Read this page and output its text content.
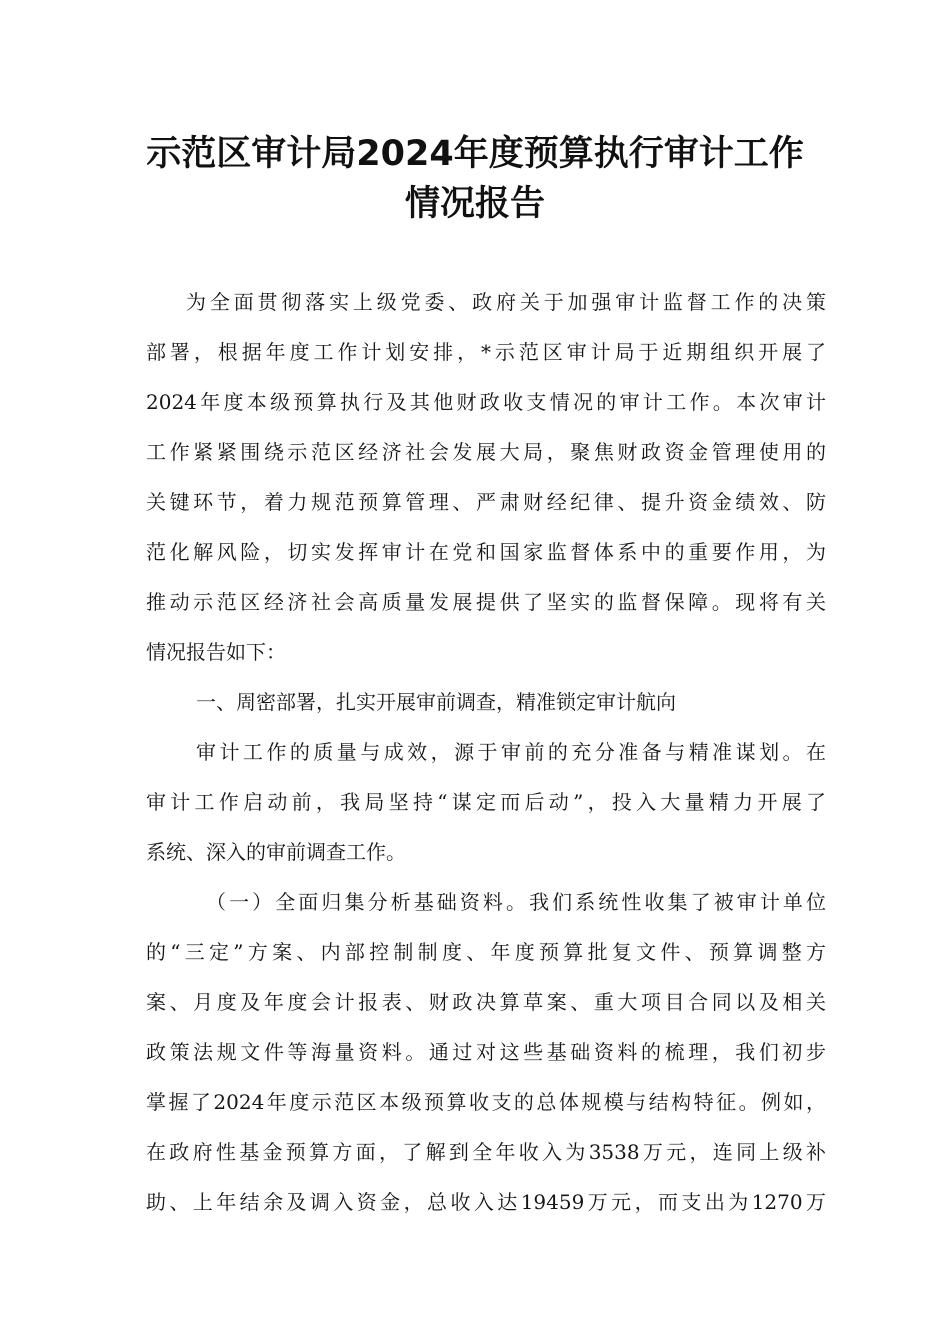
示范区审计局2024年度预算执行审计工作
情况报告
为全面贯彻落实上级党委、政府关于加强审计监督工作的决策
部署，根据年度工作计划安排，*示范区审计局于近期组织开展了
2024年度本级预算执行及其他财政收支情况的审计工作。本次审计
工作紧紧围绕示范区经济社会发展大局，聚焦财政资金管理使用的
关键环节，着力规范预算管理、严肃财经纪律、提升资金绩效、防
范化解风险，切实发挥审计在党和国家监督体系中的重要作用，为
推动示范区经济社会高质量发展提供了坚实的监督保障。现将有关
情况报告如下：
一、周密部署，扎实开展审前调查，精准锁定审计航向
审计工作的质量与成效，源于审前的充分准备与精准谋划。在
审计工作启动前，我局坚持“谋定而后动”，投入大量精力开展了
系统、深入的审前调查工作。
（一）全面归集分析基础资料。我们系统性收集了被审计单位
的“三定”方案、内部控制制度、年度预算批复文件、预算调整方
案、月度及年度会计报表、财政决算草案、重大项目合同以及相关
政策法规文件等海量资料。通过对这些基础资料的梳理，我们初步
掌握了2024年度示范区本级预算收支的总体规模与结构特征。例如，
在政府性基金预算方面，了解到全年收入为3538万元，连同上级补
助、上年结余及调入资金，总收入达19459万元，而支出为1270万
